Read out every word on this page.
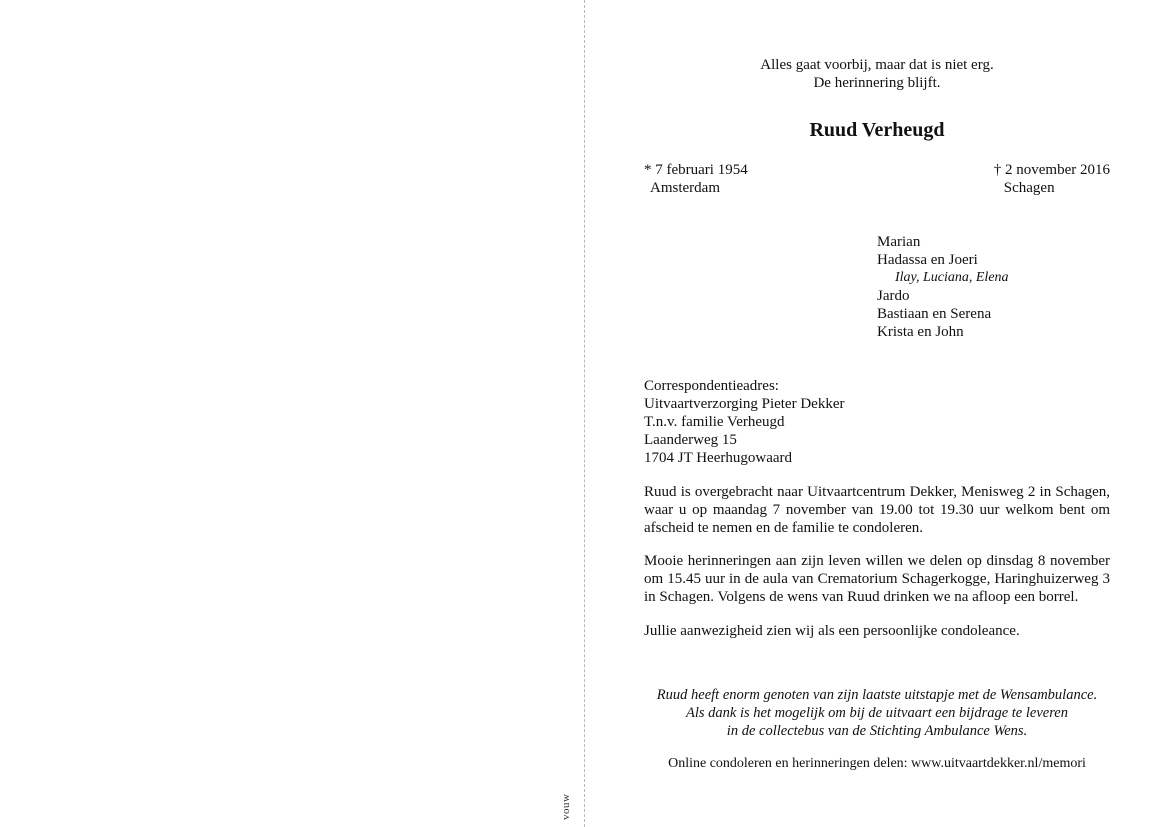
vouw
Alles gaat voorbij, maar dat is niet erg.
De herinnering blijft.
Ruud Verheugd
* 7 februari 1954
Amsterdam
† 2 november 2016
Schagen
Marian
Hadassa en Joeri
Ilay, Luciana, Elena
Jardo
Bastiaan en Serena
Krista en John
Correspondentieadres:
Uitvaartverzorging Pieter Dekker
T.n.v. familie Verheugd
Laanderweg 15
1704 JT Heerhugowaard
Ruud is overgebracht naar Uitvaartcentrum Dekker, Menisweg 2 in Schagen, waar u op maandag 7 november van 19.00 tot 19.30 uur welkom bent om afscheid te nemen en de familie te condoleren.
Mooie herinneringen aan zijn leven willen we delen op dinsdag 8 november om 15.45 uur in de aula van Crematorium Schagerkogge, Haringhuizerweg 3 in Schagen. Volgens de wens van Ruud drinken we na afloop een borrel.
Jullie aanwezigheid zien wij als een persoonlijke condoleance.
Ruud heeft enorm genoten van zijn laatste uitstapje met de Wensambulance.
Als dank is het mogelijk om bij de uitvaart een bijdrage te leveren
in de collectebus van de Stichting Ambulance Wens.
Online condoleren en herinneringen delen: www.uitvaartdekker.nl/memori
